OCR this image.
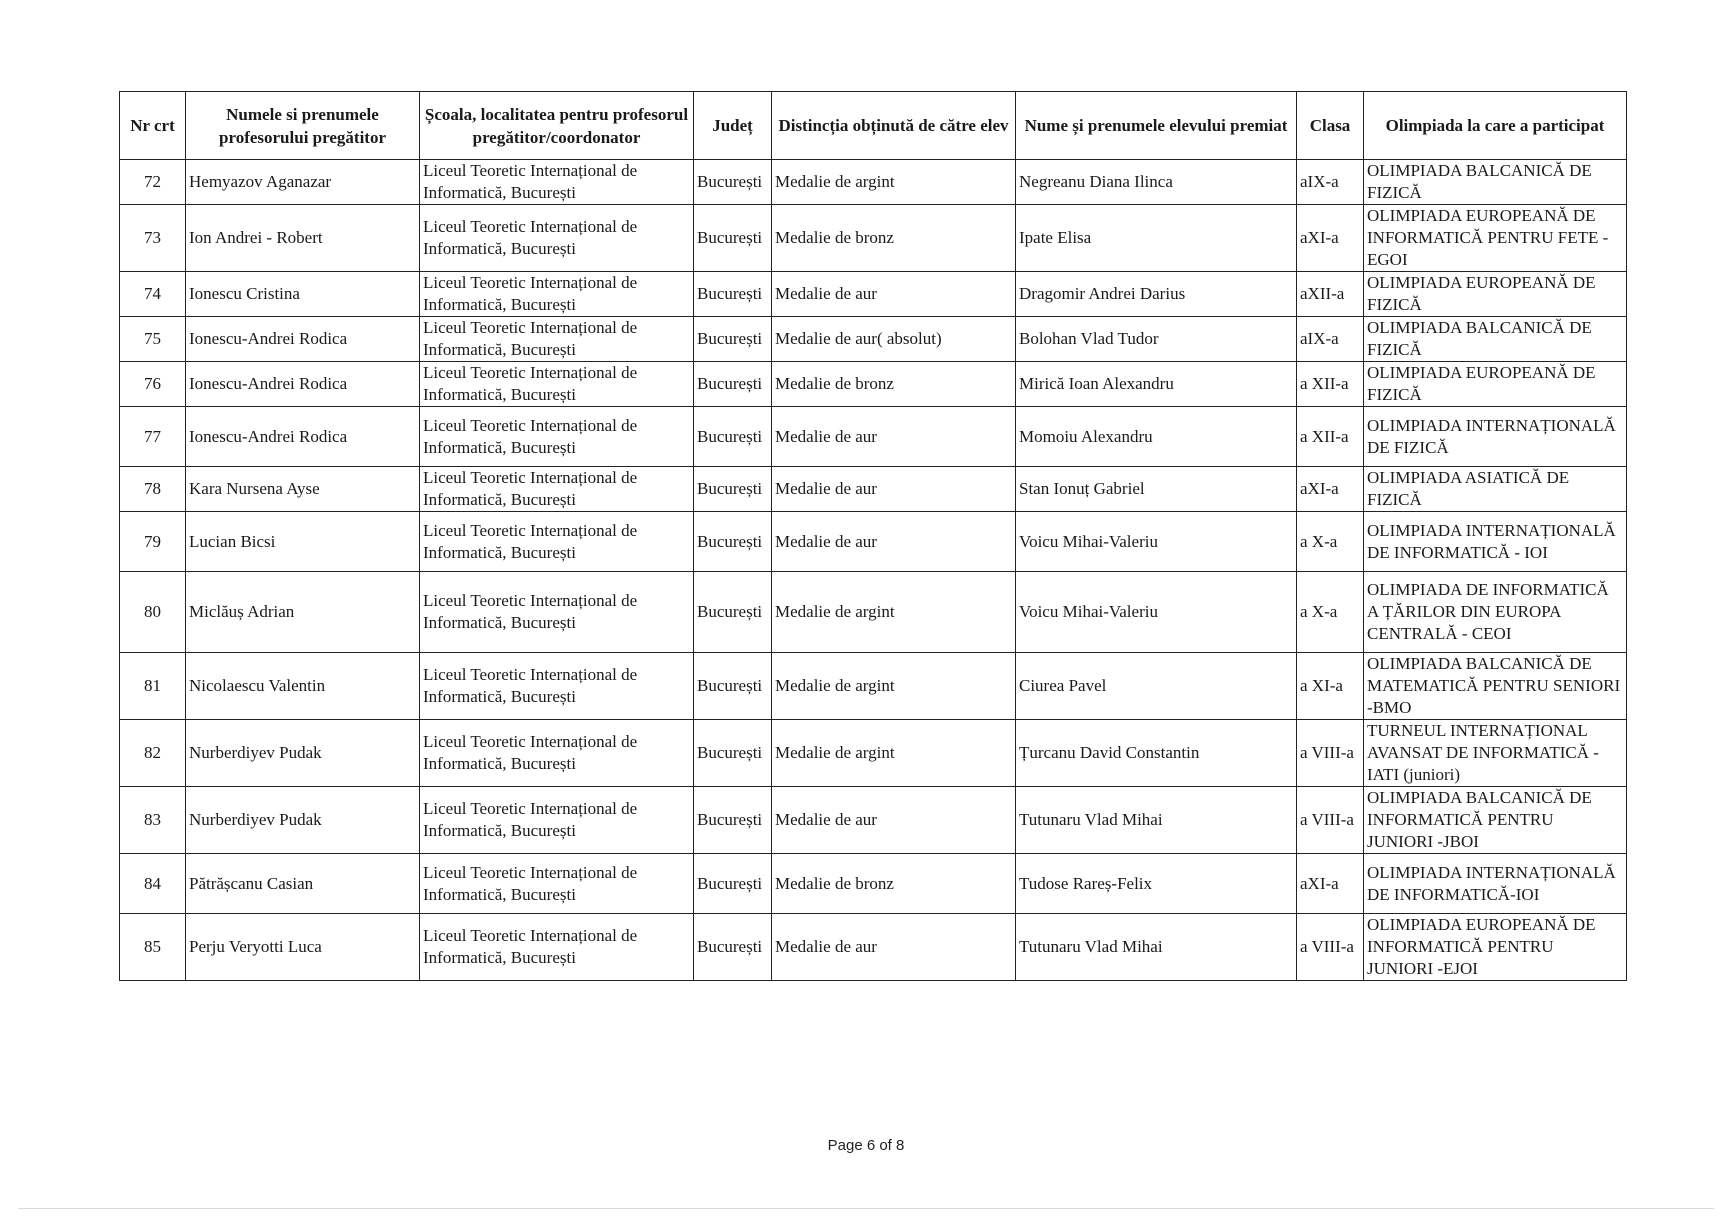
Nr crt	Numele si prenumele profesorului pregătitor	Școala, localitatea pentru profesorul pregătitor/coordonator	Județ	Distincția obținută de către elev	Nume și prenumele elevului premiat	Clasa	Olimpiada la care a participat
72	Hemyazov Aganazar	Liceul Teoretic Internațional de Informatică, București	București	Medalie de argint	Negreanu Diana Ilinca	aIX-a	OLIMPIADA BALCANICĂ DE FIZICĂ
73	Ion Andrei - Robert	Liceul Teoretic Internațional de Informatică, București	București	Medalie de bronz	Ipate Elisa	aXI-a	OLIMPIADA EUROPEANĂ DE INFORMATICĂ PENTRU FETE -EGOI
74	Ionescu Cristina	Liceul Teoretic Internațional de Informatică, București	București	Medalie de aur	Dragomir Andrei Darius	aXII-a	OLIMPIADA EUROPEANĂ DE FIZICĂ
75	Ionescu-Andrei Rodica	Liceul Teoretic Internațional de Informatică, București	București	Medalie de aur( absolut)	Bolohan Vlad Tudor	aIX-a	OLIMPIADA BALCANICĂ DE FIZICĂ
76	Ionescu-Andrei Rodica	Liceul Teoretic Internațional de Informatică, București	București	Medalie de bronz	Mirică Ioan Alexandru	a XII-a	OLIMPIADA EUROPEANĂ DE FIZICĂ
77	Ionescu-Andrei Rodica	Liceul Teoretic Internațional de Informatică, București	București	Medalie de aur	Momoiu Alexandru	a XII-a	OLIMPIADA INTERNAȚIONALĂ DE FIZICĂ
78	Kara Nursena Ayse	Liceul Teoretic Internațional de Informatică, București	București	Medalie de aur	Stan Ionuț Gabriel	aXI-a	OLIMPIADA ASIATICĂ DE FIZICĂ
79	Lucian Bicsi	Liceul Teoretic Internațional de Informatică, București	București	Medalie de aur	Voicu Mihai-Valeriu	a X-a	OLIMPIADA INTERNAȚIONALĂ DE INFORMATICĂ - IOI
80	Miclăuș Adrian	Liceul Teoretic Internațional de Informatică, București	București	Medalie de argint	Voicu Mihai-Valeriu	a X-a	OLIMPIADA DE INFORMATICĂ A ȚĂRILOR DIN EUROPA CENTRALĂ - CEOI
81	Nicolaescu Valentin	Liceul Teoretic Internațional de Informatică, București	București	Medalie de argint	Ciurea Pavel	a XI-a	OLIMPIADA BALCANICĂ DE MATEMATICĂ PENTRU SENIORI -BMO
82	Nurberdiyev Pudak	Liceul Teoretic Internațional de Informatică, București	București	Medalie de argint	Țurcanu David Constantin	a VIII-a	TURNEUL INTERNAȚIONAL AVANSAT DE INFORMATICĂ - IATI (juniori)
83	Nurberdiyev Pudak	Liceul Teoretic Internațional de Informatică, București	București	Medalie de aur	Tutunaru Vlad Mihai	a VIII-a	OLIMPIADA BALCANICĂ DE INFORMATICĂ PENTRU JUNIORI -JBOI
84	Pătrășcanu Casian	Liceul Teoretic Internațional de Informatică, București	București	Medalie de bronz	Tudose Rareș-Felix	aXI-a	OLIMPIADA INTERNAȚIONALĂ DE INFORMATICĂ-IOI
85	Perju Veryotti Luca	Liceul Teoretic Internațional de Informatică, București	București	Medalie de aur	Tutunaru Vlad Mihai	a VIII-a	OLIMPIADA EUROPEANĂ DE INFORMATICĂ PENTRU JUNIORI -EJOI
Page 6 of 8
